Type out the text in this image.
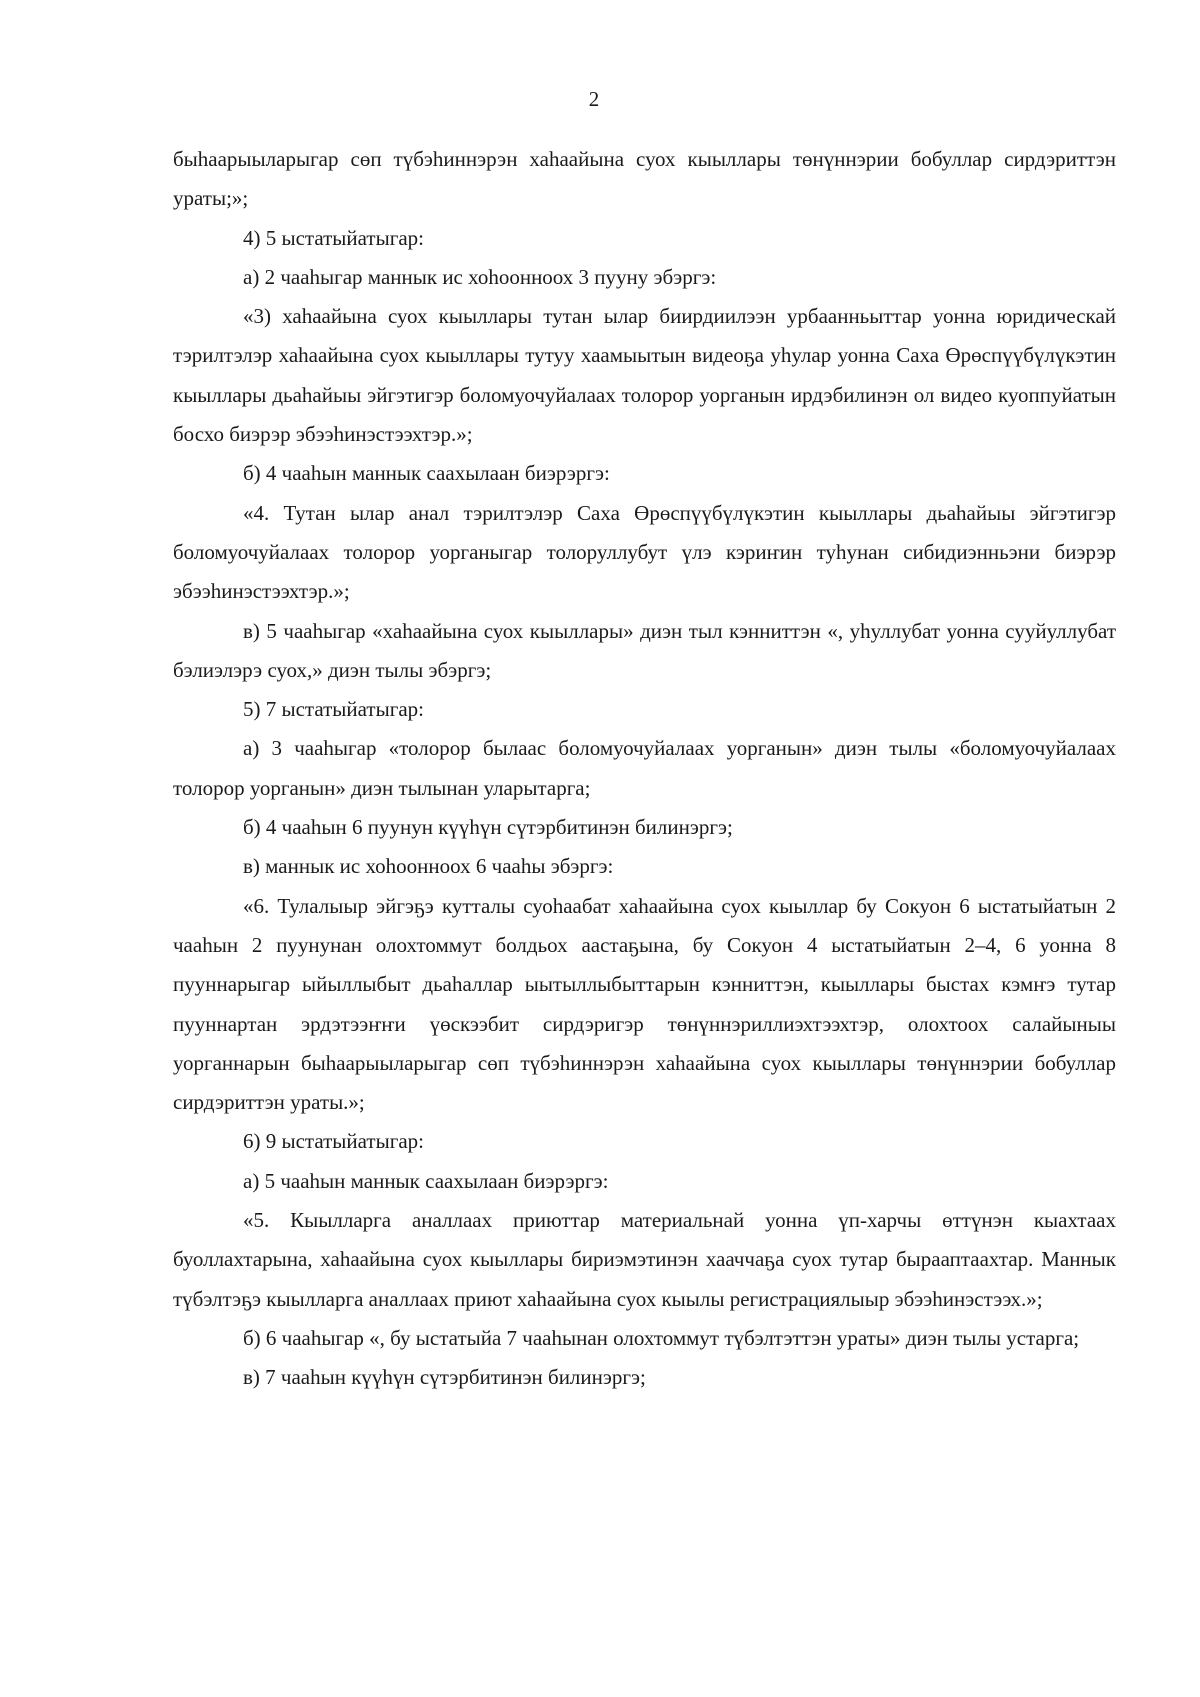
2

быhаарыыларыгар сөп түбэhиннэрэн хаhаайына суох кыыллары төнүннэрии бобуллар сирдэриттэн ураты;»;

4) 5 ыстатыйатыгар:

а) 2 чааhыгар маннык ис хоhоонноох 3 пууну эбэргэ:

«3) хаhаайына суох кыыллары тутан ылар биирдиилээн урбаанньыттар уонна юридическай тэрилтэлэр хаhаайына суох кыыллары тутуу хаамыытын видеоҕа уhулар уонна Саха Өрөспүүбүлүкэтин кыыллары дьаhайыы эйгэтигэр боломуочуйалаах толорор уорганын ирдэбилинэн ол видео куоппуйатын босхо биэрэр эбээhинэстээхтэр.»;

б) 4 чааhын маннык саахылаан биэрэргэ:

«4. Тутан ылар анал тэрилтэлэр Саха Өрөспүүбүлүкэтин кыыллары дьаhайыы эйгэтигэр боломуочуйалаах толорор уорганыгар толоруллубут үлэ кэриҥин туhунан сибидиэнньэни биэрэр эбээhинэстээхтэр.»;

в) 5 чааhыгар «хаhаайына суох кыыллары» диэн тыл кэнниттэн «, уhуллубат уонна сууйуллубат бэлиэлэрэ суох,» диэн тылы эбэргэ;

5) 7 ыстатыйатыгар:

а) 3 чааhыгар «толорор былаас боломуочуйалаах уорганын» диэн тылы «боломуочуйалаах толорор уорганын» диэн тылынан уларытарга;

б) 4 чааhын 6 пуунун күүhүн сүтэрбитинэн билинэргэ;

в) маннык ис хоhоонноох 6 чааhы эбэргэ:

«6. Тулалыыр эйгэҕэ кутталы суоhаабат хаhаайына суох кыыллар бу Сокуон 6 ыстатыйатын 2 чааhын 2 пуунунан олохтоммут болдьох аастаҕына, бу Сокуон 4 ыстатыйатын 2–4, 6 уонна 8 пууннарыгар ыйыллыбыт дьаhаллар ыытыллыбыттарын кэнниттэн, кыыллары быстах кэмҥэ тутар пууннартан эрдэтээҥҥи үөскээбит сирдэригэр төнүннэриллиэхтээхтэр, олохтоох салайыныы уорганнарын быhаарыыларыгар сөп түбэhиннэрэн хаhаайына суох кыыллары төнүннэрии бобуллар сирдэриттэн ураты.»;

6) 9 ыстатыйатыгар:

а) 5 чааhын маннык саахылаан биэрэргэ:

«5. Кыылларга аналлаах приюттар материальнай уонна үп-харчы өттүнэн кыахтаах буоллахтарына, хаhаайына суох кыыллары бириэмэтинэн хааччаҕа суох тутар бырааптаахтар. Маннык түбэлтэҕэ кыылларга аналлаах приют хаhаайына суох кыылы регистрациялыыр эбээhинэстээх.»;

б) 6 чааhыгар «, бу ыстатыйа 7 чааhынан олохтоммут түбэлтэттэн ураты» диэн тылы устарга;

в) 7 чааhын күүhүн сүтэрбитинэн билинэргэ;
